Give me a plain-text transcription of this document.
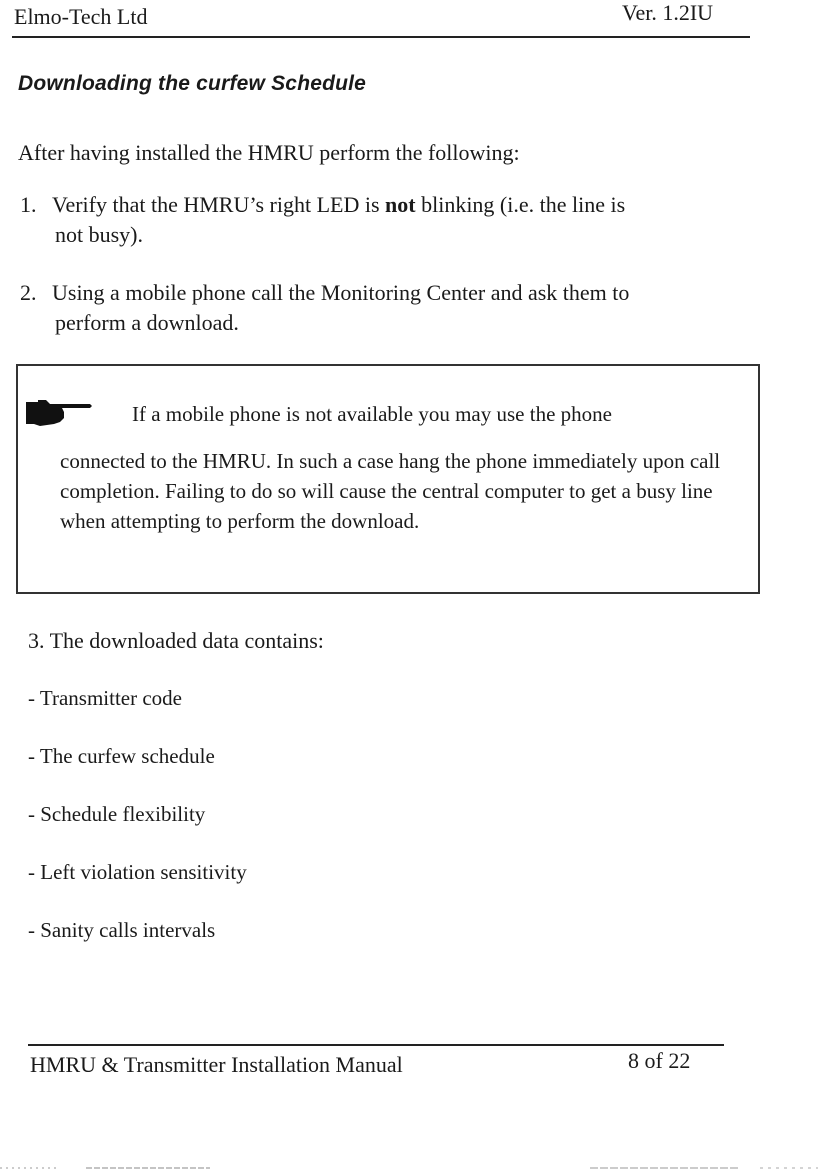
Elmo-Tech Ltd	Ver. 1.2IU
Downloading the curfew Schedule
After having installed the HMRU perform the following:
1. Verify that the HMRU’s right LED is not blinking (i.e. the line is
not busy).
2. Using a mobile phone call the Monitoring Center and ask them to
perform a download.
If a mobile phone is not available you may use the phone
connected to the HMRU. In such a case hang the phone immediately upon call completion. Failing to do so will cause the central computer to get a busy line when attempting to perform the download.
3. The downloaded data contains:
- Transmitter code
- The curfew schedule
- Schedule flexibility
- Left violation sensitivity
- Sanity calls intervals
HMRU & Transmitter Installation Manual	8 of 22
